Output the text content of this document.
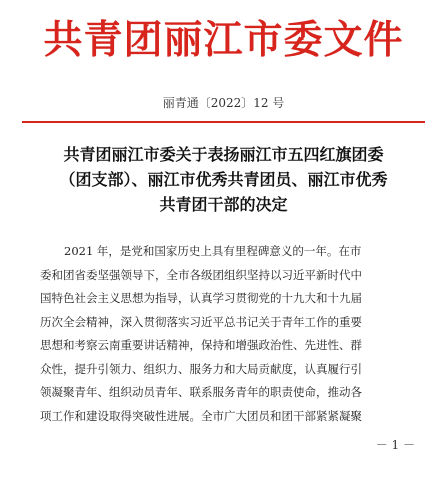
共青团丽江市委文件
丽青通〔2022〕12 号
共青团丽江市委关于表扬丽江市五四红旗团委
（团支部）、丽江市优秀共青团员、丽江市优秀
共青团干部的决定
2021 年，是党和国家历史上具有里程碑意义的一年。在市
委和团省委坚强领导下，全市各级团组织坚持以习近平新时代中
国特色社会主义思想为指导，认真学习贯彻党的十九大和十九届
历次全会精神，深入贯彻落实习近平总书记关于青年工作的重要
思想和考察云南重要讲话精神，保持和增强政治性、先进性、群
众性，提升引领力、组织力、服务力和大局贡献度，认真履行引
领凝聚青年、组织动员青年、联系服务青年的职责使命，推动各
项工作和建设取得突破性进展。全市广大团员和团干部紧紧凝聚
－ 1 －
